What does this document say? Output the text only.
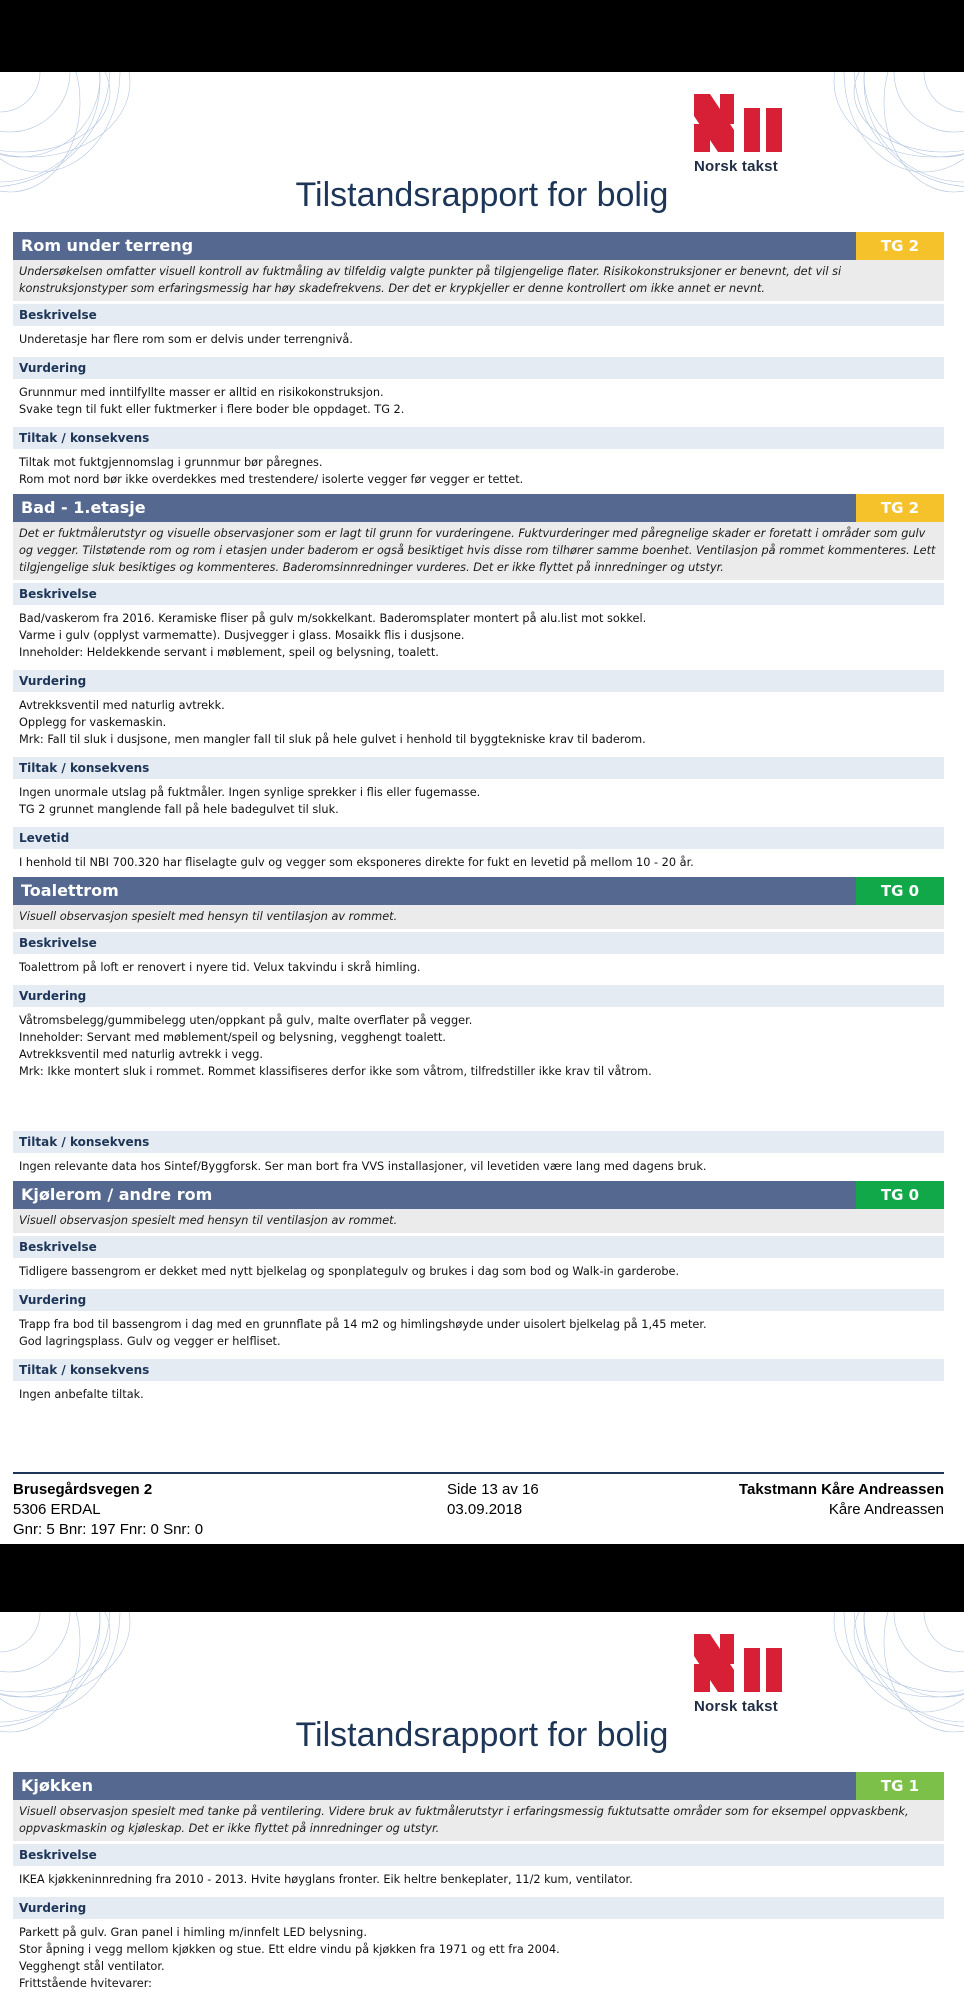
Norsk takst
Tilstandsrapport for bolig
Rom under terreng	TG 2
Undersøkelsen omfatter visuell kontroll av fuktmåling av tilfeldig valgte punkter på tilgjengelige flater. Risikokonstruksjoner er benevnt, det vil si konstruksjonstyper som erfaringsmessig har høy skadefrekvens. Der det er krypkjeller er denne kontrollert om ikke annet er nevnt.
Beskrivelse
Underetasje har flere rom som er delvis under terrengnivå.
Vurdering
Grunnmur med inntilfyllte masser er alltid en risikokonstruksjon.
Svake tegn til fukt eller fuktmerker i flere boder ble oppdaget. TG 2.
Tiltak / konsekvens
Tiltak mot fuktgjennomslag i grunnmur bør påregnes.
Rom mot nord bør ikke overdekkes med trestendere/ isolerte vegger før vegger er tettet.
Bad - 1.etasje	TG 2
Det er fuktmålerutstyr og visuelle observasjoner som er lagt til grunn for vurderingene. Fuktvurderinger med påregnelige skader er foretatt i områder som gulv og vegger. Tilstøtende rom og rom i etasjen under baderom er også besiktiget hvis disse rom tilhører samme boenhet. Ventilasjon på rommet kommenteres. Lett tilgjengelige sluk besiktiges og kommenteres. Baderomsinnredninger vurderes. Det er ikke flyttet på innredninger og utstyr.
Beskrivelse
Bad/vaskerom fra 2016. Keramiske fliser på gulv m/sokkelkant. Baderomsplater montert på alu.list mot sokkel.
Varme i gulv (opplyst varmematte). Dusjvegger i glass. Mosaikk flis i dusjsone.
Inneholder: Heldekkende servant i møblement, speil og belysning, toalett.
Vurdering
Avtrekksventil med naturlig avtrekk.
Opplegg for vaskemaskin.
Mrk: Fall til sluk i dusjsone, men mangler fall til sluk på hele gulvet i henhold til byggtekniske krav til baderom.
Tiltak / konsekvens
Ingen unormale utslag på fuktmåler. Ingen synlige sprekker i flis eller fugemasse.
TG 2 grunnet manglende fall på hele badegulvet til sluk.
Levetid
I henhold til NBI 700.320 har fliselagte gulv og vegger som eksponeres direkte for fukt en levetid på mellom 10 - 20 år.
Toalettrom	TG 0
Visuell observasjon spesielt med hensyn til ventilasjon av rommet.
Beskrivelse
Toalettrom på loft er renovert i nyere tid. Velux takvindu i skrå himling.
Vurdering
Våtromsbelegg/gummibelegg uten/oppkant på gulv, malte overflater på vegger.
Inneholder: Servant med møblement/speil og belysning, vegghengt toalett.
Avtrekksventil med naturlig avtrekk i vegg.
Mrk: Ikke montert sluk i rommet. Rommet klassifiseres derfor ikke som våtrom, tilfredstiller ikke krav til våtrom.
Tiltak / konsekvens
Ingen relevante data hos Sintef/Byggforsk. Ser man bort fra VVS installasjoner, vil levetiden være lang med dagens bruk.
Kjølerom / andre rom	TG 0
Visuell observasjon spesielt med hensyn til ventilasjon av rommet.
Beskrivelse
Tidligere bassengrom er dekket med nytt bjelkelag og sponplategulv og brukes i dag som bod og Walk-in garderobe.
Vurdering
Trapp fra bod til bassengrom i dag med en grunnflate på 14 m2 og himlingshøyde under uisolert bjelkelag på 1,45 meter.
God lagringsplass. Gulv og vegger er helfliset.
Tiltak / konsekvens
Ingen anbefalte tiltak.
Brusegårdsvegen 2
5306 ERDAL
Gnr: 5 Bnr: 197 Fnr: 0 Snr: 0
Side 13 av 16
03.09.2018
Takstmann Kåre Andreassen
Kåre Andreassen
Norsk takst
Tilstandsrapport for bolig
Kjøkken	TG 1
Visuell observasjon spesielt med tanke på ventilering. Videre bruk av fuktmålerutstyr i erfaringsmessig fuktutsatte områder som for eksempel oppvaskbenk, oppvaskmaskin og kjøleskap. Det er ikke flyttet på innredninger og utstyr.
Beskrivelse
IKEA kjøkkeninnredning fra 2010 - 2013. Hvite høyglans fronter. Eik heltre benkeplater, 11/2 kum, ventilator.
Vurdering
Parkett på gulv. Gran panel i himling m/innfelt LED belysning.
Stor åpning i vegg mellom kjøkken og stue. Ett eldre vindu på kjøkken fra 1971 og ett fra 2004.
Vegghengt stål ventilator.
Frittstående hvitevarer:
